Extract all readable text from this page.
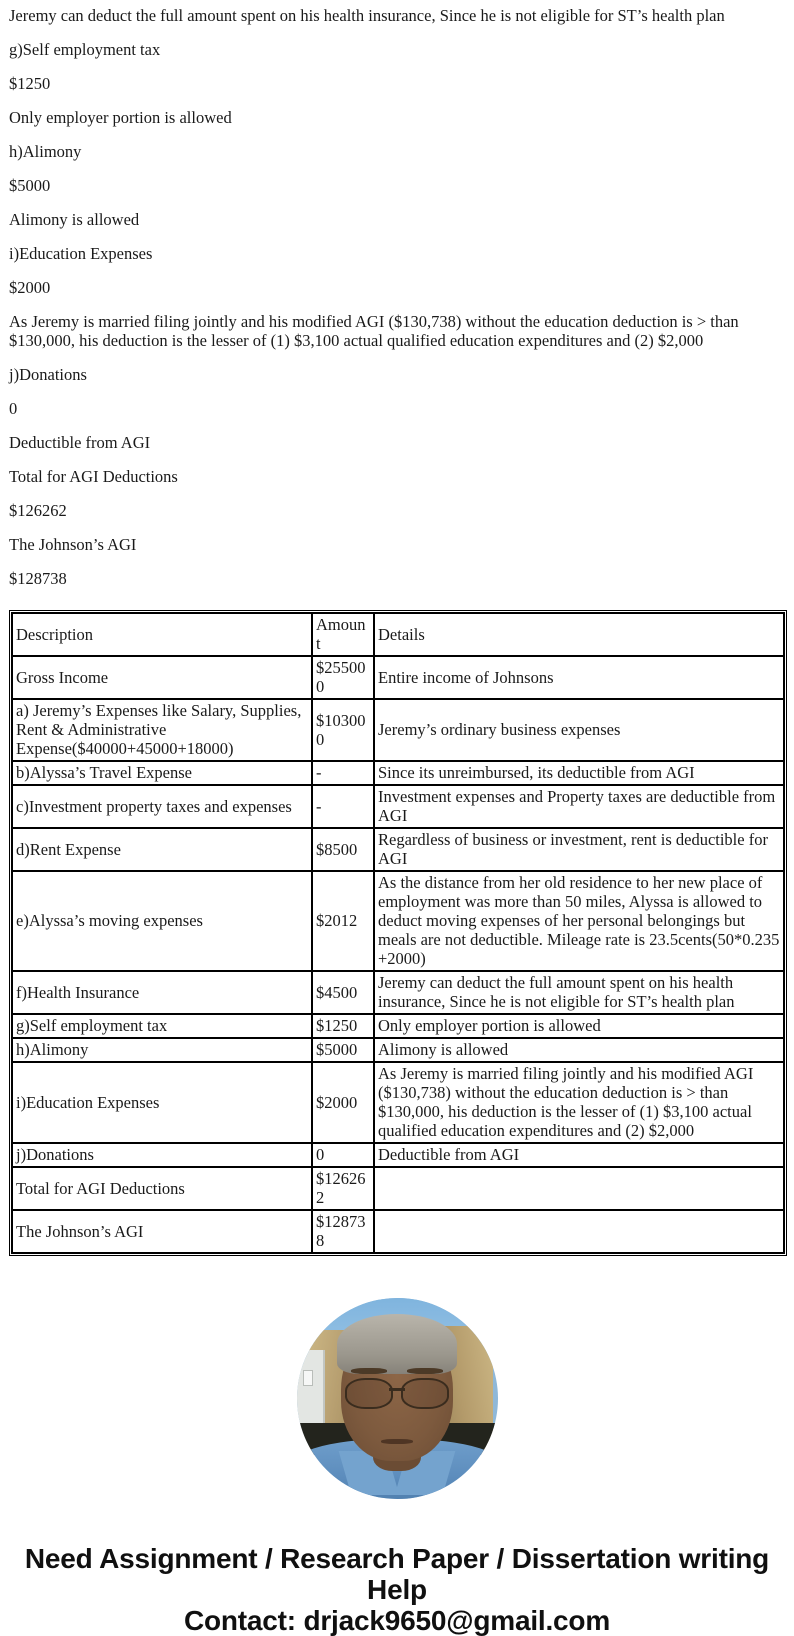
Jeremy can deduct the full amount spent on his health insurance, Since he is not eligible for ST’s health plan

g)Self employment tax

$1250

Only employer portion is allowed

h)Alimony

$5000

Alimony is allowed

i)Education Expenses

$2000

As Jeremy is married filing jointly and his modified AGI ($130,738) without the education deduction is > than $130,000, his deduction is the lesser of (1) $3,100 actual qualified education expenditures and (2) $2,000

j)Donations

0

Deductible from AGI

Total for AGI Deductions

$126262

The Johnson’s AGI

$128738

Description	Amount	Details
Gross Income	$255000	Entire income of Johnsons
a) Jeremy’s Expenses like Salary, Supplies, Rent & Administrative Expense($40000+45000+18000)	$103000	Jeremy’s ordinary business expenses
b)Alyssa’s Travel Expense	-	Since its unreimbursed, its deductible from AGI
c)Investment property taxes and expenses	-	Investment expenses and Property taxes are deductible from AGI
d)Rent Expense	$8500	Regardless of business or investment, rent is deductible for AGI
e)Alyssa’s moving expenses	$2012	As the distance from her old residence to her new place of employment was more than 50 miles, Alyssa is allowed to deduct moving expenses of her personal belongings but meals are not deductible. Mileage rate is 23.5cents(50*0.235 +2000)
f)Health Insurance	$4500	Jeremy can deduct the full amount spent on his health insurance, Since he is not eligible for ST’s health plan
g)Self employment tax	$1250	Only employer portion is allowed
h)Alimony	$5000	Alimony is allowed
i)Education Expenses	$2000	As Jeremy is married filing jointly and his modified AGI ($130,738) without the education deduction is > than $130,000, his deduction is the lesser of (1) $3,100 actual qualified education expenditures and (2) $2,000
j)Donations	0	Deductible from AGI
Total for AGI Deductions	$126262	
The Johnson’s AGI	$128738	
Need Assignment / Research Paper / Dissertation writing Help
Contact: drjack9650@gmail.com
